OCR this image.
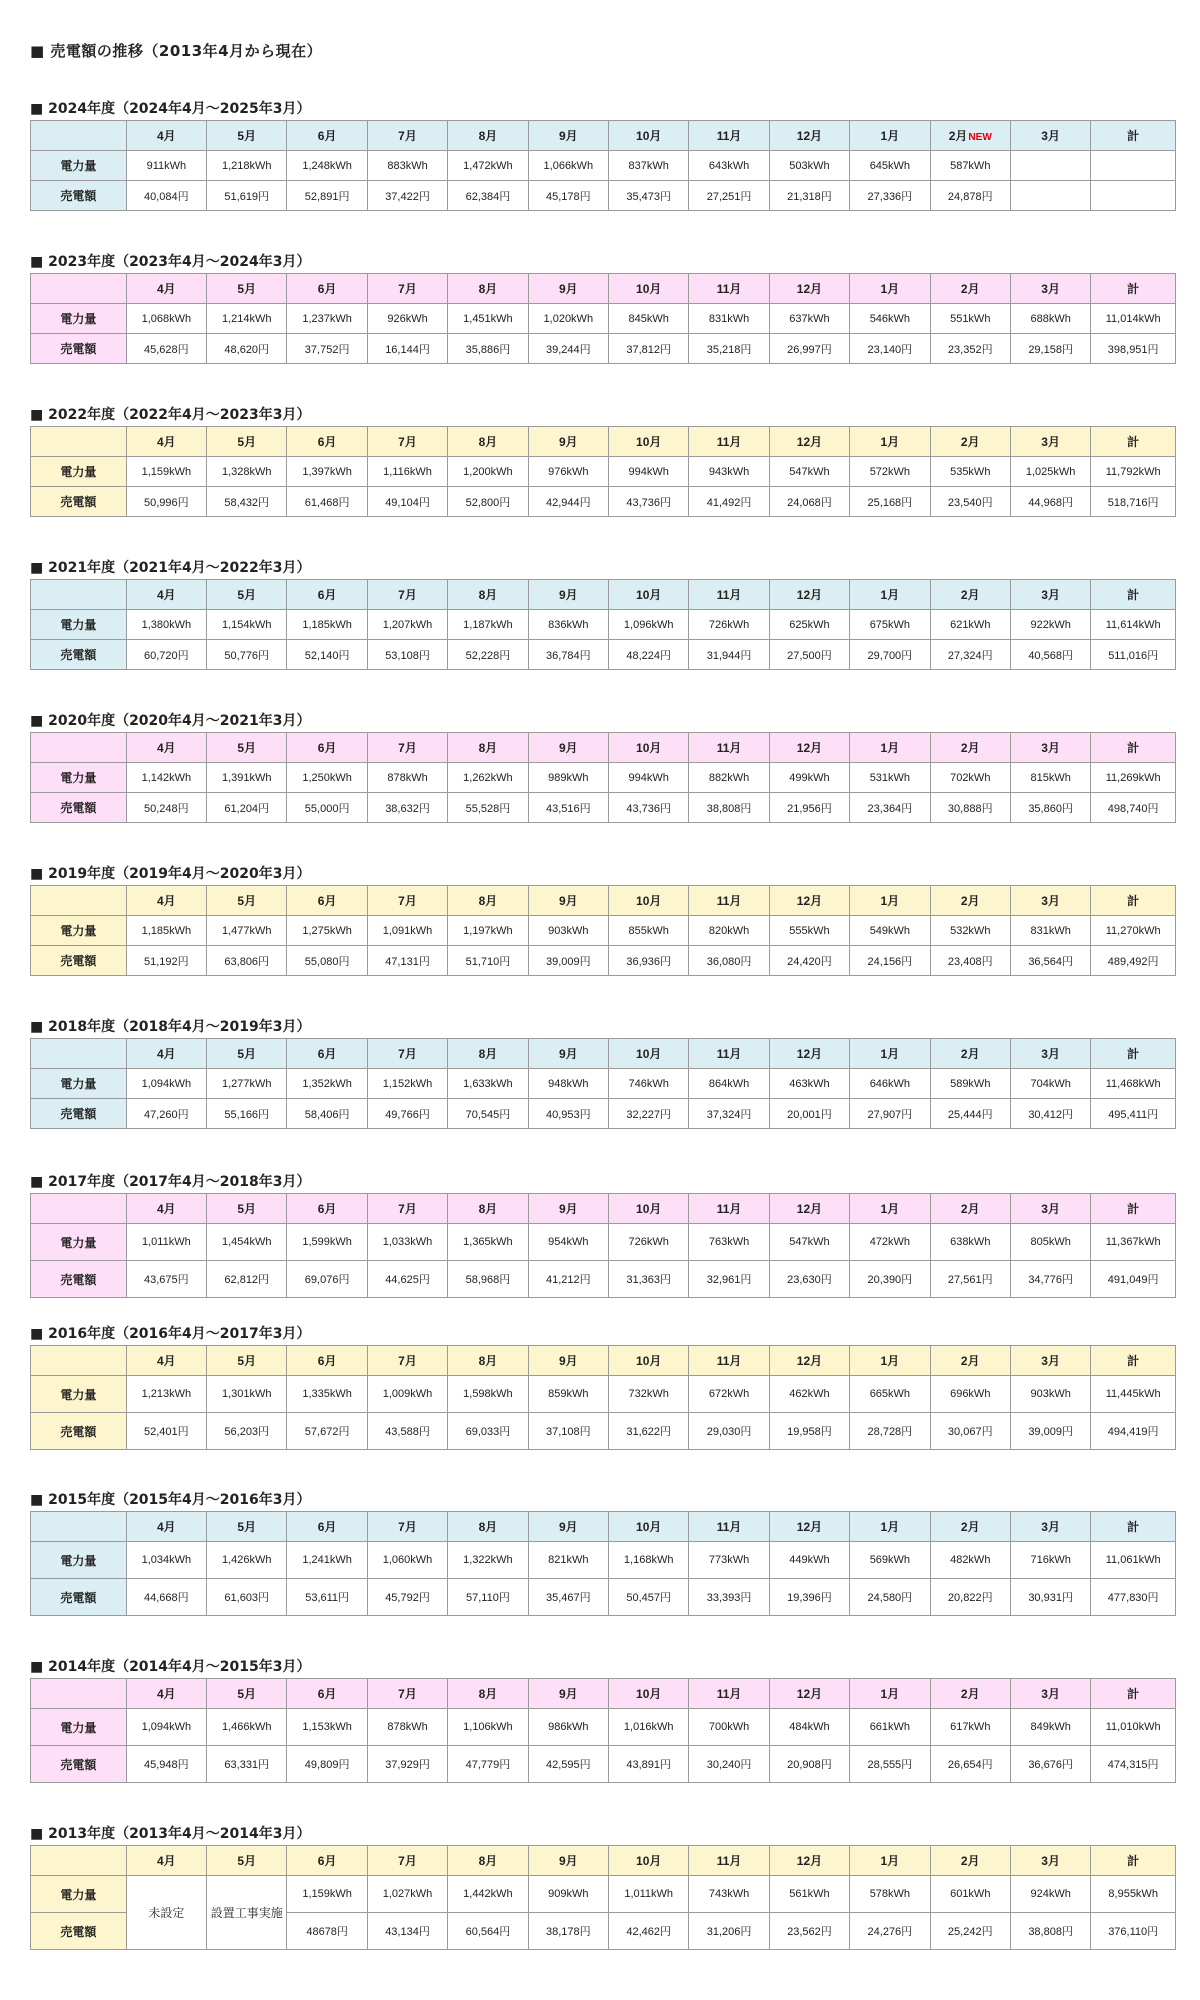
■ 売電額の推移（2013年4月から現在）
■ 2024年度（2024年4月～2025年3月）
	4月	5月	6月	7月	8月	9月	10月	11月	12月	1月	2月NEW	3月	計
電力量	911kWh	1,218kWh	1,248kWh	883kWh	1,472kWh	1,066kWh	837kWh	643kWh	503kWh	645kWh	587kWh		
売電額	40,084円	51,619円	52,891円	37,422円	62,384円	45,178円	35,473円	27,251円	21,318円	27,336円	24,878円		
■ 2023年度（2023年4月～2024年3月）
	4月	5月	6月	7月	8月	9月	10月	11月	12月	1月	2月	3月	計
電力量	1,068kWh	1,214kWh	1,237kWh	926kWh	1,451kWh	1,020kWh	845kWh	831kWh	637kWh	546kWh	551kWh	688kWh	11,014kWh
売電額	45,628円	48,620円	37,752円	16,144円	35,886円	39,244円	37,812円	35,218円	26,997円	23,140円	23,352円	29,158円	398,951円
■ 2022年度（2022年4月～2023年3月）
	4月	5月	6月	7月	8月	9月	10月	11月	12月	1月	2月	3月	計
電力量	1,159kWh	1,328kWh	1,397kWh	1,116kWh	1,200kWh	976kWh	994kWh	943kWh	547kWh	572kWh	535kWh	1,025kWh	11,792kWh
売電額	50,996円	58,432円	61,468円	49,104円	52,800円	42,944円	43,736円	41,492円	24,068円	25,168円	23,540円	44,968円	518,716円
■ 2021年度（2021年4月～2022年3月）
	4月	5月	6月	7月	8月	9月	10月	11月	12月	1月	2月	3月	計
電力量	1,380kWh	1,154kWh	1,185kWh	1,207kWh	1,187kWh	836kWh	1,096kWh	726kWh	625kWh	675kWh	621kWh	922kWh	11,614kWh
売電額	60,720円	50,776円	52,140円	53,108円	52,228円	36,784円	48,224円	31,944円	27,500円	29,700円	27,324円	40,568円	511,016円
■ 2020年度（2020年4月～2021年3月）
	4月	5月	6月	7月	8月	9月	10月	11月	12月	1月	2月	3月	計
電力量	1,142kWh	1,391kWh	1,250kWh	878kWh	1,262kWh	989kWh	994kWh	882kWh	499kWh	531kWh	702kWh	815kWh	11,269kWh
売電額	50,248円	61,204円	55,000円	38,632円	55,528円	43,516円	43,736円	38,808円	21,956円	23,364円	30,888円	35,860円	498,740円
■ 2019年度（2019年4月～2020年3月）
	4月	5月	6月	7月	8月	9月	10月	11月	12月	1月	2月	3月	計
電力量	1,185kWh	1,477kWh	1,275kWh	1,091kWh	1,197kWh	903kWh	855kWh	820kWh	555kWh	549kWh	532kWh	831kWh	11,270kWh
売電額	51,192円	63,806円	55,080円	47,131円	51,710円	39,009円	36,936円	36,080円	24,420円	24,156円	23,408円	36,564円	489,492円
■ 2018年度（2018年4月～2019年3月）
	4月	5月	6月	7月	8月	9月	10月	11月	12月	1月	2月	3月	計
電力量	1,094kWh	1,277kWh	1,352kWh	1,152kWh	1,633kWh	948kWh	746kWh	864kWh	463kWh	646kWh	589kWh	704kWh	11,468kWh
売電額	47,260円	55,166円	58,406円	49,766円	70,545円	40,953円	32,227円	37,324円	20,001円	27,907円	25,444円	30,412円	495,411円
■ 2017年度（2017年4月～2018年3月）
	4月	5月	6月	7月	8月	9月	10月	11月	12月	1月	2月	3月	計
電力量	1,011kWh	1,454kWh	1,599kWh	1,033kWh	1,365kWh	954kWh	726kWh	763kWh	547kWh	472kWh	638kWh	805kWh	11,367kWh
売電額	43,675円	62,812円	69,076円	44,625円	58,968円	41,212円	31,363円	32,961円	23,630円	20,390円	27,561円	34,776円	491,049円
■ 2016年度（2016年4月～2017年3月）
	4月	5月	6月	7月	8月	9月	10月	11月	12月	1月	2月	3月	計
電力量	1,213kWh	1,301kWh	1,335kWh	1,009kWh	1,598kWh	859kWh	732kWh	672kWh	462kWh	665kWh	696kWh	903kWh	11,445kWh
売電額	52,401円	56,203円	57,672円	43,588円	69,033円	37,108円	31,622円	29,030円	19,958円	28,728円	30,067円	39,009円	494,419円
■ 2015年度（2015年4月～2016年3月）
	4月	5月	6月	7月	8月	9月	10月	11月	12月	1月	2月	3月	計
電力量	1,034kWh	1,426kWh	1,241kWh	1,060kWh	1,322kWh	821kWh	1,168kWh	773kWh	449kWh	569kWh	482kWh	716kWh	11,061kWh
売電額	44,668円	61,603円	53,611円	45,792円	57,110円	35,467円	50,457円	33,393円	19,396円	24,580円	20,822円	30,931円	477,830円
■ 2014年度（2014年4月～2015年3月）
	4月	5月	6月	7月	8月	9月	10月	11月	12月	1月	2月	3月	計
電力量	1,094kWh	1,466kWh	1,153kWh	878kWh	1,106kWh	986kWh	1,016kWh	700kWh	484kWh	661kWh	617kWh	849kWh	11,010kWh
売電額	45,948円	63,331円	49,809円	37,929円	47,779円	42,595円	43,891円	30,240円	20,908円	28,555円	26,654円	36,676円	474,315円
■ 2013年度（2013年4月～2014年3月）
	4月	5月	6月	7月	8月	9月	10月	11月	12月	1月	2月	3月	計
電力量	未設定	設置工事実施	1,159kWh	1,027kWh	1,442kWh	909kWh	1,011kWh	743kWh	561kWh	578kWh	601kWh	924kWh	8,955kWh
売電額			48678円	43,134円	60,564円	38,178円	42,462円	31,206円	23,562円	24,276円	25,242円	38,808円	376,110円
